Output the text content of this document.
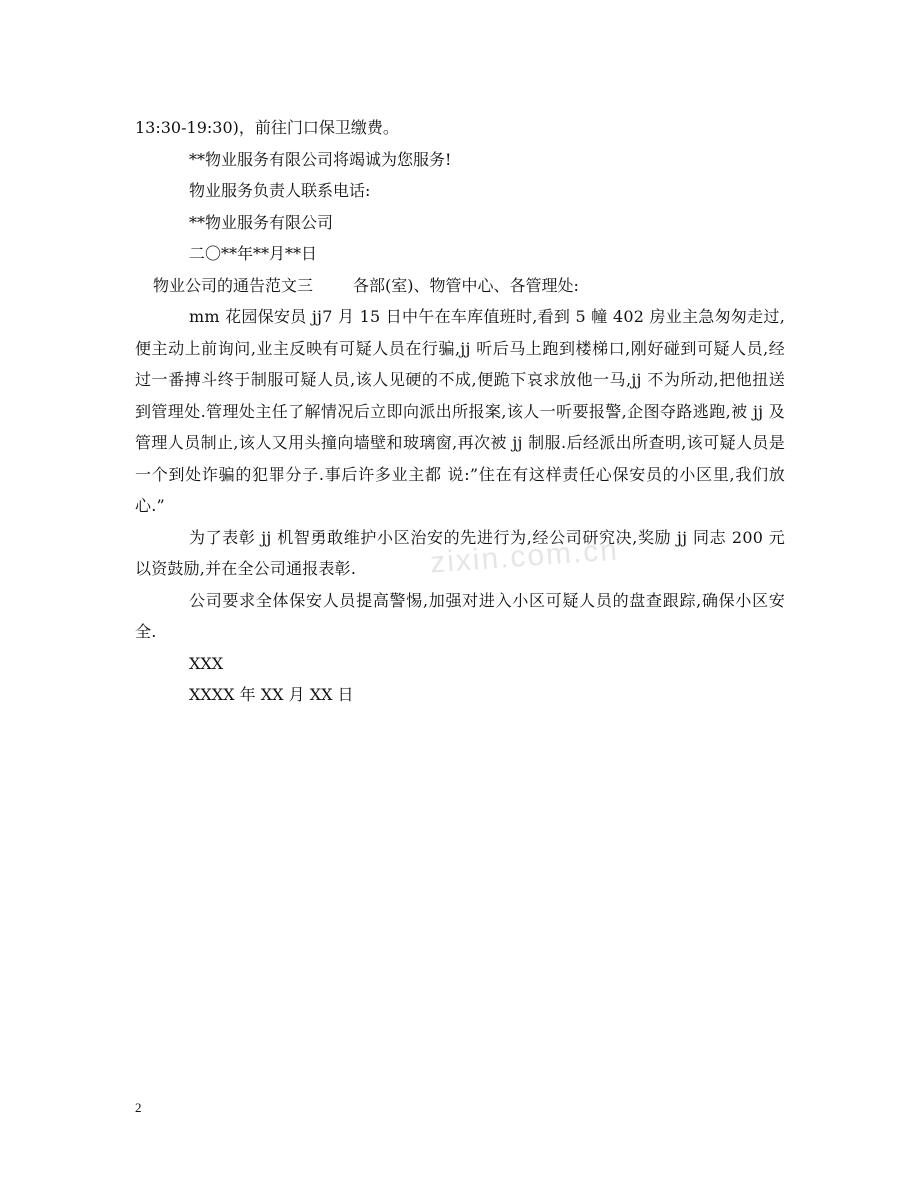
13:30-19:30)，前往门口保卫缴费。
**物业服务有限公司将竭诚为您服务!
物业服务负责人联系电话:
**物业服务有限公司
二〇**年**月**日
物业公司的通告范文三	各部(室)、物管中心、各管理处:
mm 花园保安员 jj7 月 15 日中午在车库值班时,看到 5 幢 402 房业主急匆匆走过,便主动上前询问,业主反映有可疑人员在行骗,jj 听后马上跑到楼梯口,刚好碰到可疑人员,经过一番搏斗终于制服可疑人员,该人见硬的不成,便跪下哀求放他一马,jj 不为所动,把他扭送到管理处.管理处主任了解情况后立即向派出所报案,该人一听要报警,企图夺路逃跑,被 jj 及管理人员制止,该人又用头撞向墙壁和玻璃窗,再次被 jj 制服.后经派出所查明,该可疑人员是一个到处诈骗的犯罪分子.事后许多业主都 说:”住在有这样责任心保安员的小区里,我们放心.”
为了表彰 jj 机智勇敢维护小区治安的先进行为,经公司研究决,奖励 jj 同志 200 元以资鼓励,并在全公司通报表彰.
公司要求全体保安人员提高警惕,加强对进入小区可疑人员的盘查跟踪,确保小区安全.
XXX
XXXX 年 XX 月 XX 日
zixin.com.cn
2
